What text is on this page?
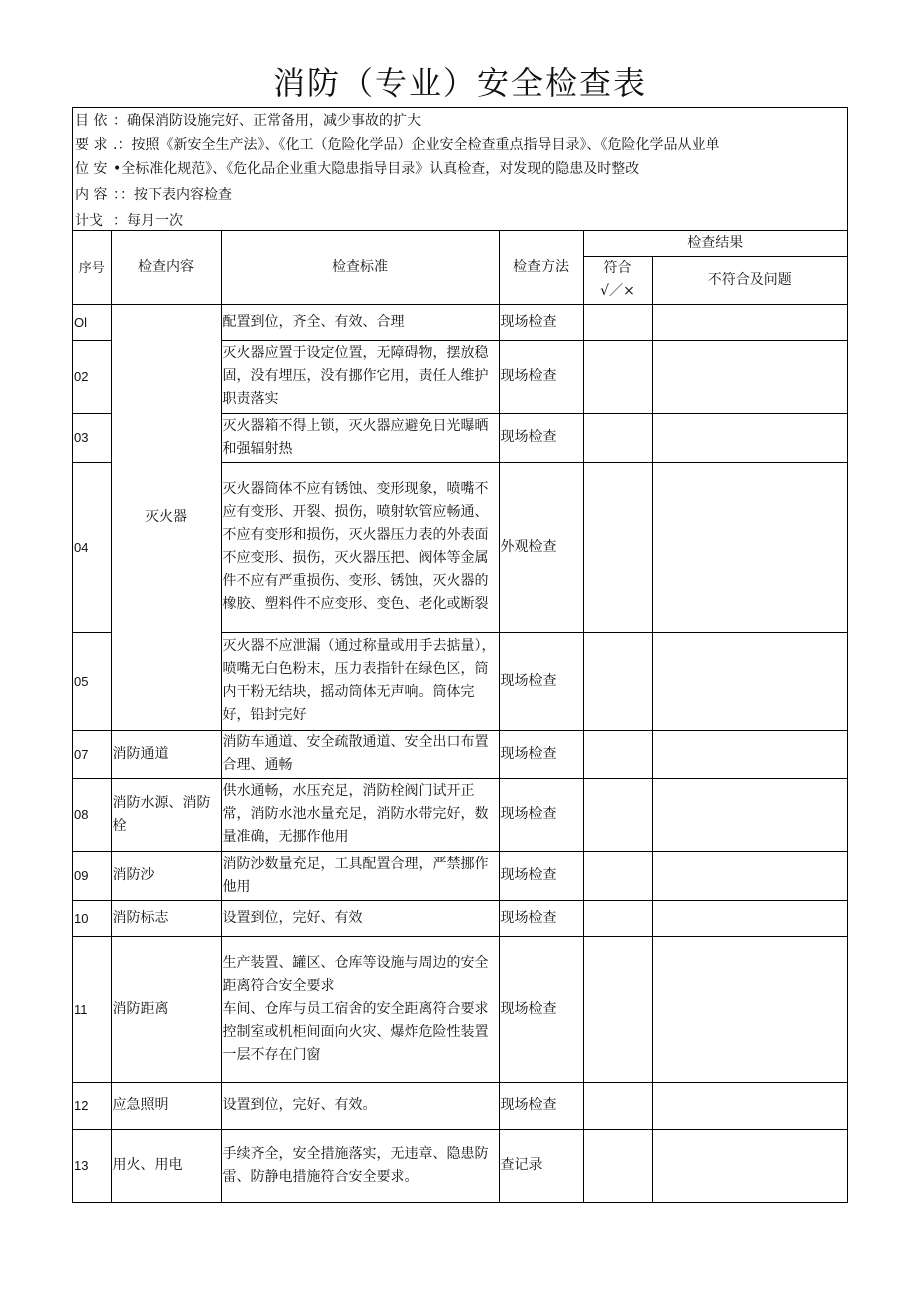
消防（专业）安全检查表
目 依 ：确保消防设施完好、正常备用，减少事故的扩大
要 求 .：按照《新安全生产法》、《化工（危险化学品）企业安全检查重点指导目录》、《危险化学品从业单
位 安 •全标准化规范》、《危化品企业重大隐患指导目录》认真检查，对发现的隐患及时整改
内 容 ：：按下表内容检查
计戈 ：每月一次
序号	检查内容	检查标准	检查方法	检查结果	

				符合
√／×	不符合及问题
Ol	灭火器	配置到位，齐全、有效、合理	现场检查		
02		灭火器应置于设定位置，无障碍物，摆放稳固，没有埋压，没有挪作它用，责任人维护职责落实	现场检查		
03		灭火器箱不得上锁，灭火器应避免日光曝晒和强辐射热	现场检查		
04		灭火器筒体不应有锈蚀、变形现象，喷嘴不应有变形、开裂、损伤，喷射软管应畅通、不应有变形和损伤，灭火器压力表的外表面不应变形、损伤，灭火器压把、阀体等金属件不应有严重损伤、变形、锈蚀，灭火器的橡胶、塑料件不应变形、变色、老化或断裂	外观检查		
05		灭火器不应泄漏（通过称量或用手去掂量），喷嘴无白色粉末，压力表指针在绿色区，筒内干粉无结块，摇动筒体无声响。筒体完好，铅封完好	现场检查		
07	消防通道	消防车通道、安全疏散通道、安全出口布置合理、通畅	现场检查		
08	消防水源、消防栓	供水通畅，水压充足，消防栓阀门试开正常，消防水池水量充足，消防水带完好，数量准确，无挪作他用	现场检查		
09	消防沙	消防沙数量充足，工具配置合理，严禁挪作他用	现场检查		
10	消防标志	设置到位，完好、有效	现场检查		
11	消防距离	生产装置、罐区、仓库等设施与周边的安全距离符合安全要求
车间、仓库与员工宿舍的安全距离符合要求
控制室或机柜间面向火灾、爆炸危险性装置一层不存在门窗	现场检查		
12	应急照明	设置到位，完好、有效。	现场检查		
13	用火、用电	手续齐全，安全措施落实，无违章、隐患防雷、防静电措施符合安全要求。	查记录		
